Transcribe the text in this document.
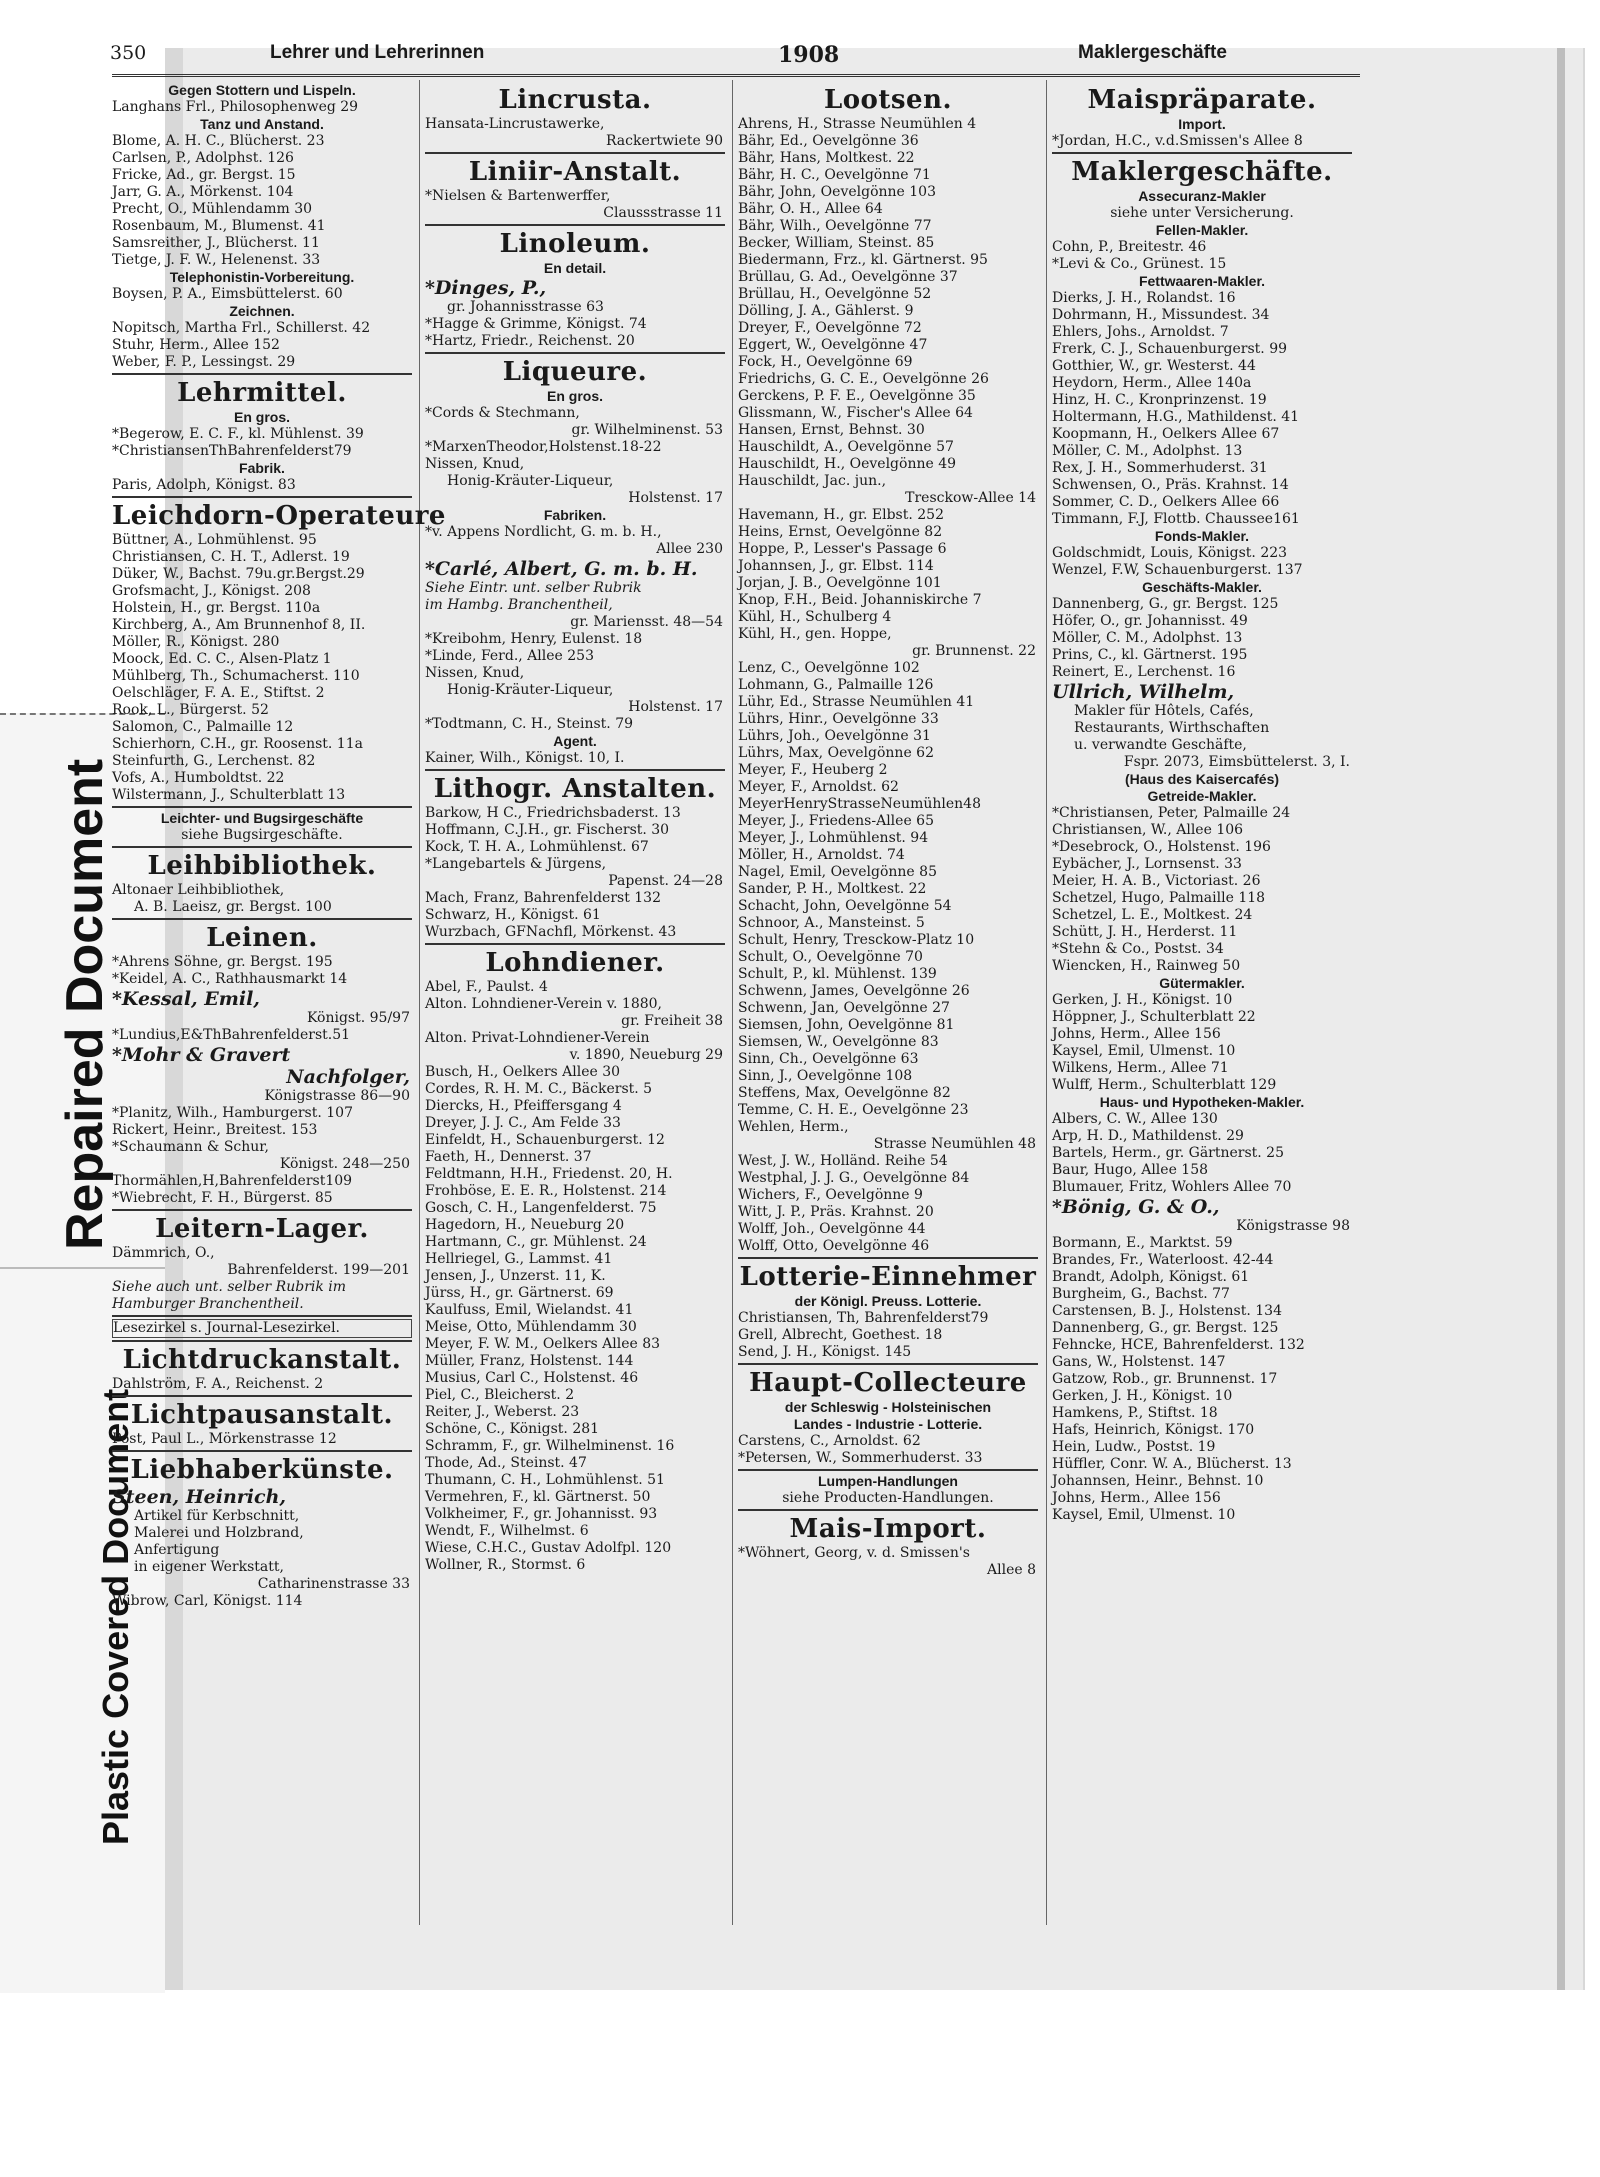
Repaired Document
Plastic Covered Document
350	Lehrer und Lehrerinnen	1908	Maklergeschäfte
Gegen Stottern und Lispeln.
Langhans Frl., Philosophenweg 29
Tanz und Anstand.
Blome, A. H. C., Blücherst. 23
Carlsen, P., Adolphst. 126
Fricke, Ad., gr. Bergst. 15
Jarr, G. A., Mörkenst. 104
Precht, O., Mühlendamm 30
Rosenbaum, M., Blumenst. 41
Samsreither, J., Blücherst. 11
Tietge, J. F. W., Helenenst. 33
Telephonistin-Vorbereitung.
Boysen, P. A., Eimsbüttelerst. 60
Zeichnen.
Nopitsch, Martha Frl., Schillerst. 42
Stuhr, Herm., Allee 152
Weber, F. P., Lessingst. 29
Lehrmittel.
En gros.
*Begerow, E. C. F., kl. Mühlenst. 39
*ChristiansenThBahrenfelderst79
Fabrik.
Paris, Adolph, Königst. 83
Leichdorn-Operateure
Büttner, A., Lohmühlenst. 95
Christiansen, C. H. T., Adlerst. 19
Düker, W., Bachst. 79u.gr.Bergst.29
Grofsmacht, J., Königst. 208
Holstein, H., gr. Bergst. 110a
Kirchberg, A., Am Brunnenhof 8, II.
Möller, R., Königst. 280
Moock, Ed. C. C., Alsen-Platz 1
Mühlberg, Th., Schumacherst. 110
Oelschläger, F. A. E., Stiftst. 2
Rook, L., Bürgerst. 52
Salomon, C., Palmaille 12
Schierhorn, C.H., gr. Roosenst. 11a
Steinfurth, G., Lerchenst. 82
Vofs, A., Humboldtst. 22
Wilstermann, J., Schulterblatt 13
Leichter- und Bugsirgeschäfte
siehe Bugsirgeschäfte.
Leihbibliothek.
Altonaer Leihbibliothek,
A. B. Laeisz, gr. Bergst. 100
Leinen.
*Ahrens Söhne, gr. Bergst. 195
*Keidel, A. C., Rathhausmarkt 14
*Kessal, Emil,
Königst. 95/97
*Lundius,E&ThBahrenfelderst.51
*Mohr & Gravert
Nachfolger,
Königstrasse 86—90
*Planitz, Wilh., Hamburgerst. 107
Rickert, Heinr., Breitest. 153
*Schaumann & Schur,
Königst. 248—250
Thormählen,H,Bahrenfelderst109
*Wiebrecht, F. H., Bürgerst. 85
Leitern-Lager.
Dämmrich, O.,
Bahrenfelderst. 199—201
Siehe auch unt. selber Rubrik im
Hamburger Branchentheil.
Lesezirkel s. Journal-Lesezirkel.
Lichtdruckanstalt.
Dahlström, F. A., Reichenst. 2
Lichtpausanstalt.
Post, Paul L., Mörkenstrasse 12
Liebhaberkünste.
Steen, Heinrich,
Artikel für Kerbschnitt,
Malerei und Holzbrand,
Anfertigung
in eigener Werkstatt,
Catharinenstrasse 33
Wibrow, Carl, Königst. 114
Lincrusta.
Hansata-Lincrustawerke,
Rackertwiete 90
Liniir-Anstalt.
*Nielsen & Bartenwerffer,
Claussstrasse 11
Linoleum.
En detail.
*Dinges, P.,
gr. Johannisstrasse 63
*Hagge & Grimme, Königst. 74
*Hartz, Friedr., Reichenst. 20
Liqueure.
En gros.
*Cords & Stechmann,
gr. Wilhelminenst. 53
*MarxenTheodor,Holstenst.18-22
Nissen, Knud,
Honig-Kräuter-Liqueur,
Holstenst. 17
Fabriken.
*v. Appens Nordlicht, G. m. b. H.,
Allee 230
*Carlé, Albert, G. m. b. H.
Siehe Eintr. unt. selber Rubrik
im Hambg. Branchentheil,
gr. Mariensst. 48—54
*Kreibohm, Henry, Eulenst. 18
*Linde, Ferd., Allee 253
Nissen, Knud,
Honig-Kräuter-Liqueur,
Holstenst. 17
*Todtmann, C. H., Steinst. 79
Agent.
Kainer, Wilh., Königst. 10, I.
Lithogr. Anstalten.
Barkow, H C., Friedrichsbaderst. 13
Hoffmann, C.J.H., gr. Fischerst. 30
Kock, T. H. A., Lohmühlenst. 67
*Langebartels & Jürgens,
Papenst. 24—28
Mach, Franz, Bahrenfelderst 132
Schwarz, H., Königst. 61
Wurzbach, GFNachfl, Mörkenst. 43
Lohndiener.
Abel, F., Paulst. 4
Alton. Lohndiener-Verein v. 1880,
gr. Freiheit 38
Alton. Privat-Lohndiener-Verein
v. 1890, Neueburg 29
Busch, H., Oelkers Allee 30
Cordes, R. H. M. C., Bäckerst. 5
Diercks, H., Pfeiffersgang 4
Dreyer, J. J. C., Am Felde 33
Einfeldt, H., Schauenburgerst. 12
Faeth, H., Dennerst. 37
Feldtmann, H.H., Friedenst. 20, H.
Frohböse, E. E. R., Holstenst. 214
Gosch, C. H., Langenfelderst. 75
Hagedorn, H., Neueburg 20
Hartmann, C., gr. Mühlenst. 24
Hellriegel, G., Lammst. 41
Jensen, J., Unzerst. 11, K.
Jürss, H., gr. Gärtnerst. 69
Kaulfuss, Emil, Wielandst. 41
Meise, Otto, Mühlendamm 30
Meyer, F. W. M., Oelkers Allee 83
Müller, Franz, Holstenst. 144
Musius, Carl C., Holstenst. 46
Piel, C., Bleicherst. 2
Reiter, J., Weberst. 23
Schöne, C., Königst. 281
Schramm, F., gr. Wilhelminenst. 16
Thode, Ad., Steinst. 47
Thumann, C. H., Lohmühlenst. 51
Vermehren, F., kl. Gärtnerst. 50
Volkheimer, F., gr. Johannisst. 93
Wendt, F., Wilhelmst. 6
Wiese, C.H.C., Gustav Adolfpl. 120
Wollner, R., Stormst. 6
Lootsen.
Ahrens, H., Strasse Neumühlen 4
Bähr, Ed., Oevelgönne 36
Bähr, Hans, Moltkest. 22
Bähr, H. C., Oevelgönne 71
Bähr, John, Oevelgönne 103
Bähr, O. H., Allee 64
Bähr, Wilh., Oevelgönne 77
Becker, William, Steinst. 85
Biedermann, Frz., kl. Gärtnerst. 95
Brüllau, G. Ad., Oevelgönne 37
Brüllau, H., Oevelgönne 52
Dölling, J. A., Gählerst. 9
Dreyer, F., Oevelgönne 72
Eggert, W., Oevelgönne 47
Fock, H., Oevelgönne 69
Friedrichs, G. C. E., Oevelgönne 26
Gerckens, P. F. E., Oevelgönne 35
Glissmann, W., Fischer's Allee 64
Hansen, Ernst, Behnst. 30
Hauschildt, A., Oevelgönne 57
Hauschildt, H., Oevelgönne 49
Hauschildt, Jac. jun.,
Tresckow-Allee 14
Havemann, H., gr. Elbst. 252
Heins, Ernst, Oevelgönne 82
Hoppe, P., Lesser's Passage 6
Johannsen, J., gr. Elbst. 114
Jorjan, J. B., Oevelgönne 101
Knop, F.H., Beid. Johanniskirche 7
Kühl, H., Schulberg 4
Kühl, H., gen. Hoppe,
gr. Brunnenst. 22
Lenz, C., Oevelgönne 102
Lohmann, G., Palmaille 126
Lühr, Ed., Strasse Neumühlen 41
Lührs, Hinr., Oevelgönne 33
Lührs, Joh., Oevelgönne 31
Lührs, Max, Oevelgönne 62
Meyer, F., Heuberg 2
Meyer, F., Arnoldst. 62
MeyerHenryStrasseNeumühlen48
Meyer, J., Friedens-Allee 65
Meyer, J., Lohmühlenst. 94
Möller, H., Arnoldst. 74
Nagel, Emil, Oevelgönne 85
Sander, P. H., Moltkest. 22
Schacht, John, Oevelgönne 54
Schnoor, A., Mansteinst. 5
Schult, Henry, Tresckow-Platz 10
Schult, O., Oevelgönne 70
Schult, P., kl. Mühlenst. 139
Schwenn, James, Oevelgönne 26
Schwenn, Jan, Oevelgönne 27
Siemsen, John, Oevelgönne 81
Siemsen, W., Oevelgönne 83
Sinn, Ch., Oevelgönne 63
Sinn, J., Oevelgönne 108
Steffens, Max, Oevelgönne 82
Temme, C. H. E., Oevelgönne 23
Wehlen, Herm.,
Strasse Neumühlen 48
West, J. W., Holländ. Reihe 54
Westphal, J. J. G., Oevelgönne 84
Wichers, F., Oevelgönne 9
Witt, J. P., Präs. Krahnst. 20
Wolff, Joh., Oevelgönne 44
Wolff, Otto, Oevelgönne 46
Lotterie-Einnehmer
der Königl. Preuss. Lotterie.
Christiansen, Th, Bahrenfelderst79
Grell, Albrecht, Goethest. 18
Send, J. H., Königst. 145
Haupt-Collecteure
der Schleswig - Holsteinischen
Landes - Industrie - Lotterie.
Carstens, C., Arnoldst. 62
*Petersen, W., Sommerhuderst. 33
Lumpen-Handlungen
siehe Producten-Handlungen.
Mais-Import.
*Wöhnert, Georg, v. d. Smissen's
Allee 8
Maispräparate.
Import.
*Jordan, H.C., v.d.Smissen's Allee 8
Maklergeschäfte.
Assecuranz-Makler
siehe unter Versicherung.
Fellen-Makler.
Cohn, P., Breitestr. 46
*Levi & Co., Grünest. 15
Fettwaaren-Makler.
Dierks, J. H., Rolandst. 16
Dohrmann, H., Missundest. 34
Ehlers, Johs., Arnoldst. 7
Frerk, C. J., Schauenburgerst. 99
Gotthier, W., gr. Westerst. 44
Heydorn, Herm., Allee 140a
Hinz, H. C., Kronprinzenst. 19
Holtermann, H.G., Mathildenst. 41
Koopmann, H., Oelkers Allee 67
Möller, C. M., Adolphst. 13
Rex, J. H., Sommerhuderst. 31
Schwensen, O., Präs. Krahnst. 14
Sommer, C. D., Oelkers Allee 66
Timmann, F.J, Flottb. Chaussee161
Fonds-Makler.
Goldschmidt, Louis, Königst. 223
Wenzel, F.W, Schauenburgerst. 137
Geschäfts-Makler.
Dannenberg, G., gr. Bergst. 125
Höfer, O., gr. Johannisst. 49
Möller, C. M., Adolphst. 13
Prins, C., kl. Gärtnerst. 195
Reinert, E., Lerchenst. 16
Ullrich, Wilhelm,
Makler für Hôtels, Cafés,
Restaurants, Wirthschaften
u. verwandte Geschäfte,
Fspr. 2073, Eimsbüttelerst. 3, I.
(Haus des Kaisercafés)
Getreide-Makler.
*Christiansen, Peter, Palmaille 24
Christiansen, W., Allee 106
*Desebrock, O., Holstenst. 196
Eybächer, J., Lornsenst. 33
Meier, H. A. B., Victoriast. 26
Schetzel, Hugo, Palmaille 118
Schetzel, L. E., Moltkest. 24
Schütt, J. H., Herderst. 11
*Stehn & Co., Postst. 34
Wiencken, H., Rainweg 50
Gütermakler.
Gerken, J. H., Königst. 10
Höppner, J., Schulterblatt 22
Johns, Herm., Allee 156
Kaysel, Emil, Ulmenst. 10
Wilkens, Herm., Allee 71
Wulff, Herm., Schulterblatt 129
Haus- und Hypotheken-Makler.
Albers, C. W., Allee 130
Arp, H. D., Mathildenst. 29
Bartels, Herm., gr. Gärtnerst. 25
Baur, Hugo, Allee 158
Blumauer, Fritz, Wohlers Allee 70
*Bönig, G. & O.,
Königstrasse 98
Bormann, E., Marktst. 59
Brandes, Fr., Waterloost. 42-44
Brandt, Adolph, Königst. 61
Burgheim, G., Bachst. 77
Carstensen, B. J., Holstenst. 134
Dannenberg, G., gr. Bergst. 125
Fehncke, HCE, Bahrenfelderst. 132
Gans, W., Holstenst. 147
Gatzow, Rob., gr. Brunnenst. 17
Gerken, J. H., Königst. 10
Hamkens, P., Stiftst. 18
Hafs, Heinrich, Königst. 170
Hein, Ludw., Postst. 19
Hüffler, Conr. W. A., Blücherst. 13
Johannsen, Heinr., Behnst. 10
Johns, Herm., Allee 156
Kaysel, Emil, Ulmenst. 10
